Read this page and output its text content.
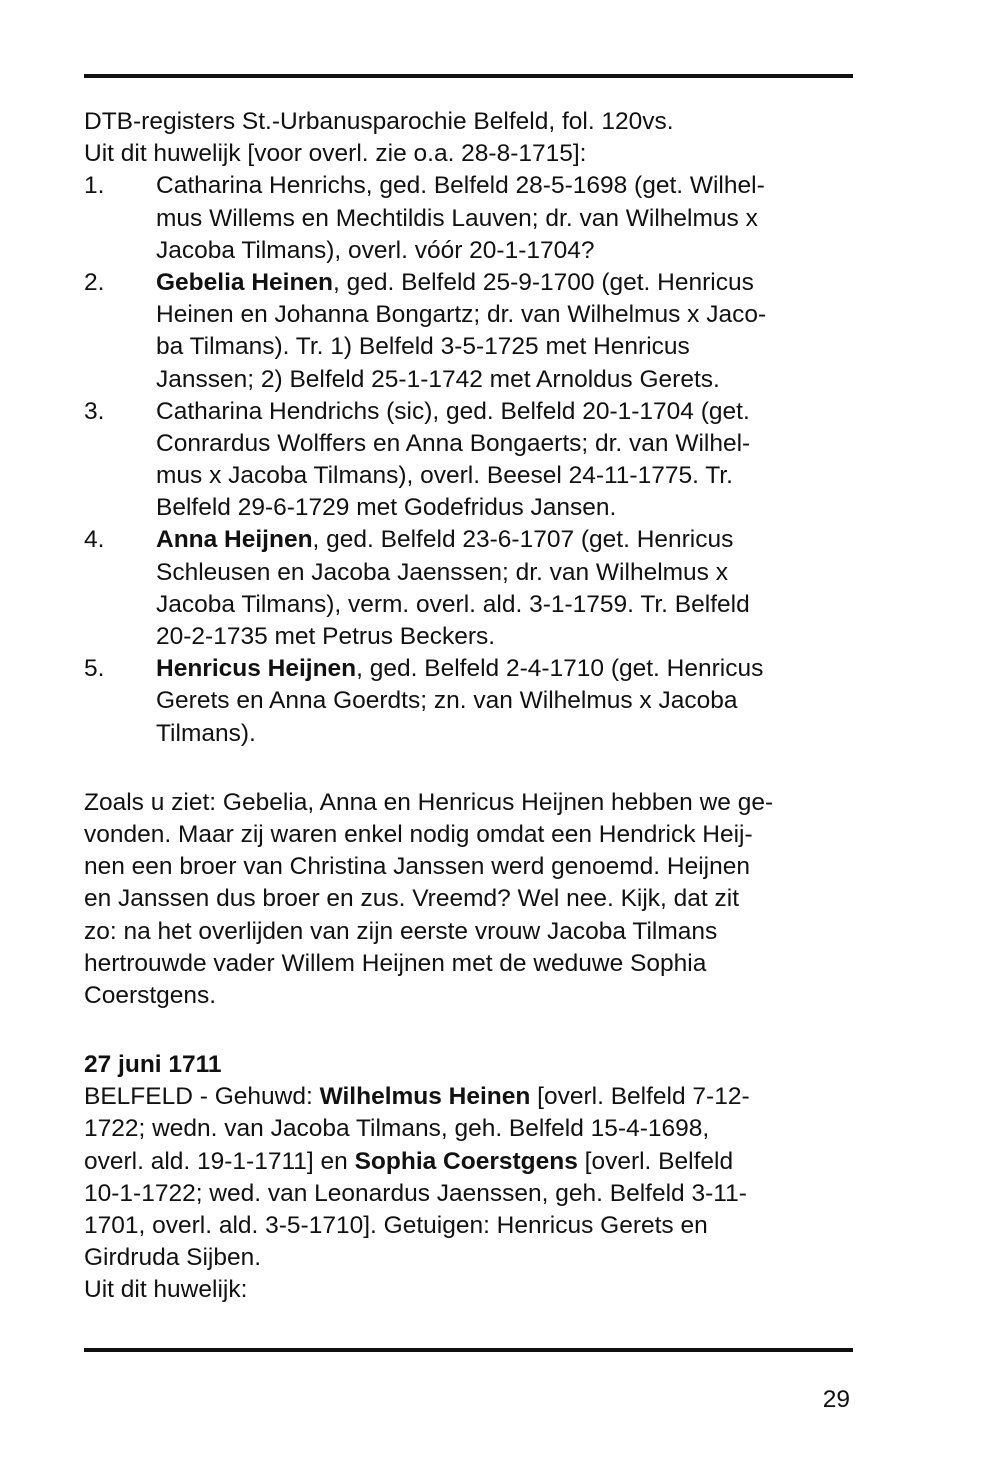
DTB-registers St.-Urbanusparochie Belfeld, fol. 120vs.
Uit dit huwelijk [voor overl. zie o.a. 28-8-1715]:
1.	Catharina Henrichs, ged. Belfeld 28-5-1698 (get. Wilhel-
mus Willems en Mechtildis Lauven; dr. van Wilhelmus x
Jacoba Tilmans), overl. vóór 20-1-1704?
2.	Gebelia Heinen, ged. Belfeld 25-9-1700 (get. Henricus
Heinen en Johanna Bongartz; dr. van Wilhelmus x Jaco-
ba Tilmans). Tr. 1) Belfeld 3-5-1725 met Henricus
Janssen; 2) Belfeld 25-1-1742 met Arnoldus Gerets.
3.	Catharina Hendrichs (sic), ged. Belfeld 20-1-1704 (get.
Conrardus Wolffers en Anna Bongaerts; dr. van Wilhel-
mus x Jacoba Tilmans), overl. Beesel 24-11-1775. Tr.
Belfeld 29-6-1729 met Godefridus Jansen.
4.	Anna Heijnen, ged. Belfeld 23-6-1707 (get. Henricus
Schleusen en Jacoba Jaenssen; dr. van Wilhelmus x
Jacoba Tilmans), verm. overl. ald. 3-1-1759. Tr. Belfeld
20-2-1735 met Petrus Beckers.
5.	Henricus Heijnen, ged. Belfeld 2-4-1710 (get. Henricus
Gerets en Anna Goerdts; zn. van Wilhelmus x Jacoba
Tilmans).
Zoals u ziet: Gebelia, Anna en Henricus Heijnen hebben we ge-
vonden. Maar zij waren enkel nodig omdat een Hendrick Heij-
nen een broer van Christina Janssen werd genoemd. Heijnen
en Janssen dus broer en zus. Vreemd? Wel nee. Kijk, dat zit
zo: na het overlijden van zijn eerste vrouw Jacoba Tilmans
hertrouwde vader Willem Heijnen met de weduwe Sophia
Coerstgens.
27 juni 1711
BELFELD - Gehuwd: Wilhelmus Heinen [overl. Belfeld 7-12-
1722; wedn. van Jacoba Tilmans, geh. Belfeld 15-4-1698,
overl. ald. 19-1-1711] en Sophia Coerstgens [overl. Belfeld
10-1-1722; wed. van Leonardus Jaenssen, geh. Belfeld 3-11-
1701, overl. ald. 3-5-1710]. Getuigen: Henricus Gerets en
Girdruda Sijben.
Uit dit huwelijk:
29
